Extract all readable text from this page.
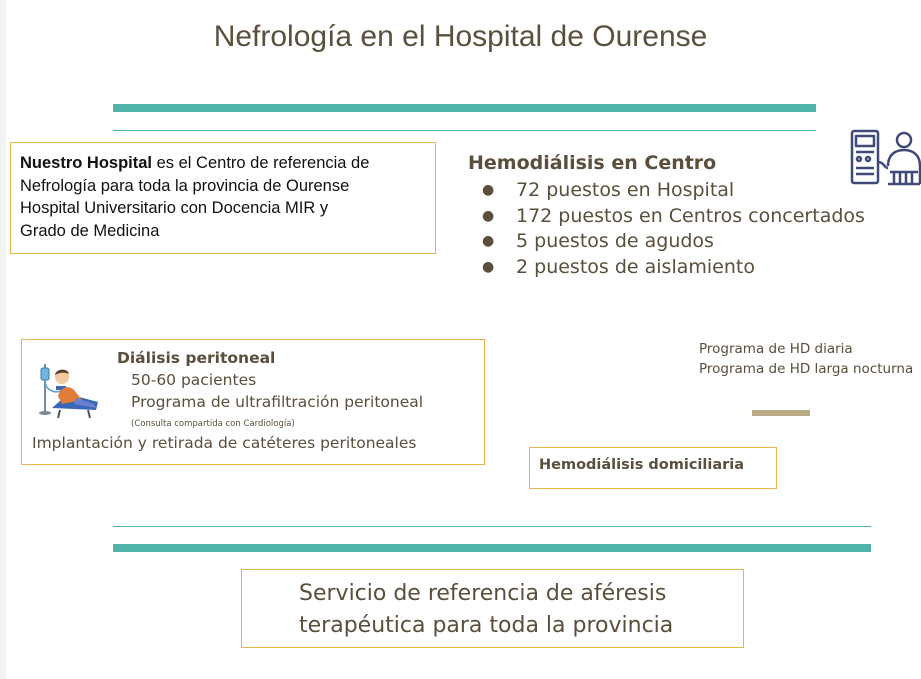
Nefrología en el Hospital de Ourense
Nuestro Hospital es el Centro de referencia de
Nefrología para toda la provincia de Ourense
Hospital Universitario con Docencia MIR y
Grado de Medicina
Hemodiálisis en Centro
● 72 puestos en Hospital
● 172 puestos en Centros concertados
● 5 puestos de agudos
● 2 puestos de aislamiento
Diálisis peritoneal
50-60 pacientes
Programa de ultrafiltración peritoneal
(Consulta compartida con Cardiología)
Implantación y retirada de catéteres peritoneales
Programa de HD diaria
Programa de HD larga nocturna
Hemodiálisis domiciliaria
Servicio de referencia de aféresis
terapéutica para toda la provincia
